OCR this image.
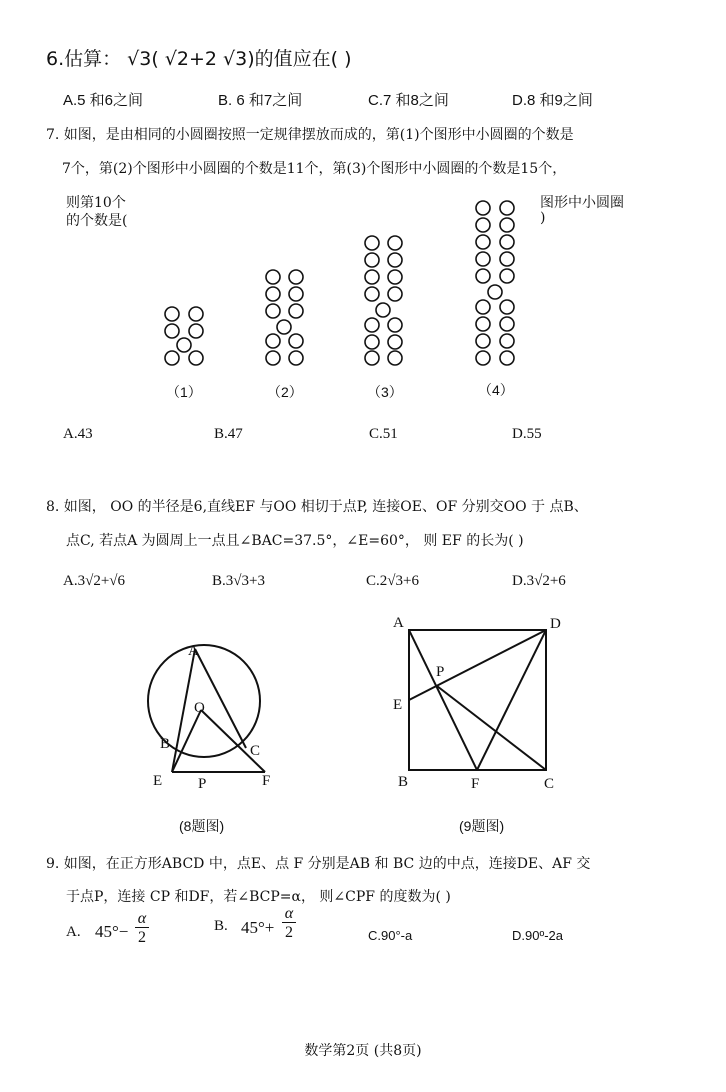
6.估算： √3( √2+2 √3)的值应在( )
A.5 和6之间	B. 6 和7之间	C.7 和8之间	D.8 和9之间
7. 如图，是由相同的小圆圈按照一定规律摆放而成的，第(1)个图形中小圆圈的个数是
7个，第(2)个图形中小圆圈的个数是11个，第(3)个图形中小圆圈的个数是15个，
则第10个	图形中小圆圈
的个数是(	)
（1）	（2）	（3）	（4）
A.43	B.47	C.51	D.55
8. 如图， OO 的半径是6,直线EF 与OO 相切于点P, 连接OE、OF 分别交OO 于 点B、
点C, 若点A 为圆周上一点且∠BAC=37.5°，∠E=60°， 则 EF 的长为( )
A.3√2+√6	B.3√3+3	C.2√3+6	D.3√2+6
A
O
B	C
E P	F
(8题图)
A	D
P
E
B	F	C
(9题图)
9. 如图，在正方形ABCD 中，点E、点 F 分别是AB 和 BC 边的中点，连接DE、AF 交
于点P，连接 CP 和DF，若∠BCP=α， 则∠CPF 的度数为( )
A. $45^\circ- \frac{\alpha}{2}$	B. $45^\circ+ \frac{\alpha}{2}$	C.90°-a	D.90º-2a
数学第2页 (共8页)
